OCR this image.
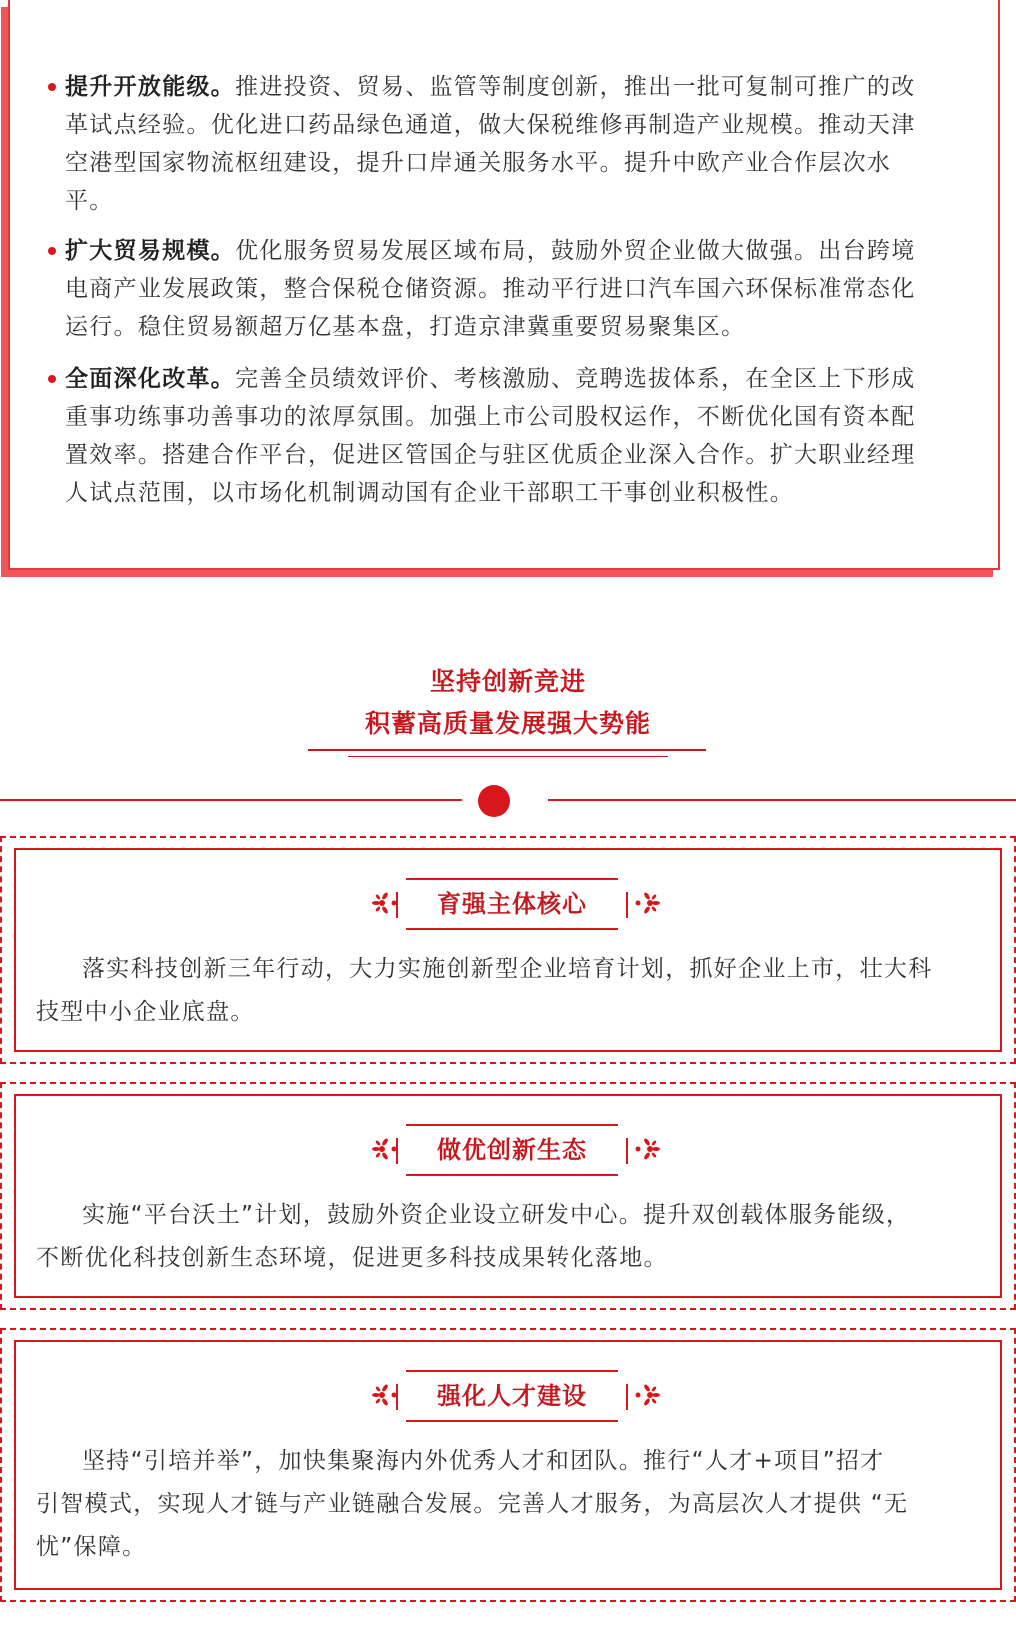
提升开放能级。推进投资、贸易、监管等制度创新，推出一批可复制可推广的改
革试点经验。优化进口药品绿色通道，做大保税维修再制造产业规模。推动天津
空港型国家物流枢纽建设，提升口岸通关服务水平。提升中欧产业合作层次水
平。
扩大贸易规模。优化服务贸易发展区域布局，鼓励外贸企业做大做强。出台跨境
电商产业发展政策，整合保税仓储资源。推动平行进口汽车国六环保标准常态化
运行。稳住贸易额超万亿基本盘，打造京津冀重要贸易聚集区。
全面深化改革。完善全员绩效评价、考核激励、竞聘选拔体系，在全区上下形成
重事功练事功善事功的浓厚氛围。加强上市公司股权运作，不断优化国有资本配
置效率。搭建合作平台，促进区管国企与驻区优质企业深入合作。扩大职业经理
人试点范围，以市场化机制调动国有企业干部职工干事创业积极性。
坚持创新竞进
积蓄高质量发展强大势能
育强主体核心
落实科技创新三年行动，大力实施创新型企业培育计划，抓好企业上市，壮大科
技型中小企业底盘。
做优创新生态
实施“平台沃土”计划，鼓励外资企业设立研发中心。提升双创载体服务能级，
不断优化科技创新生态环境，促进更多科技成果转化落地。
强化人才建设
坚持“引培并举”，加快集聚海内外优秀人才和团队。推行“人才+项目”招才
引智模式，实现人才链与产业链融合发展。完善人才服务，为高层次人才提供 “无
忧”保障。
